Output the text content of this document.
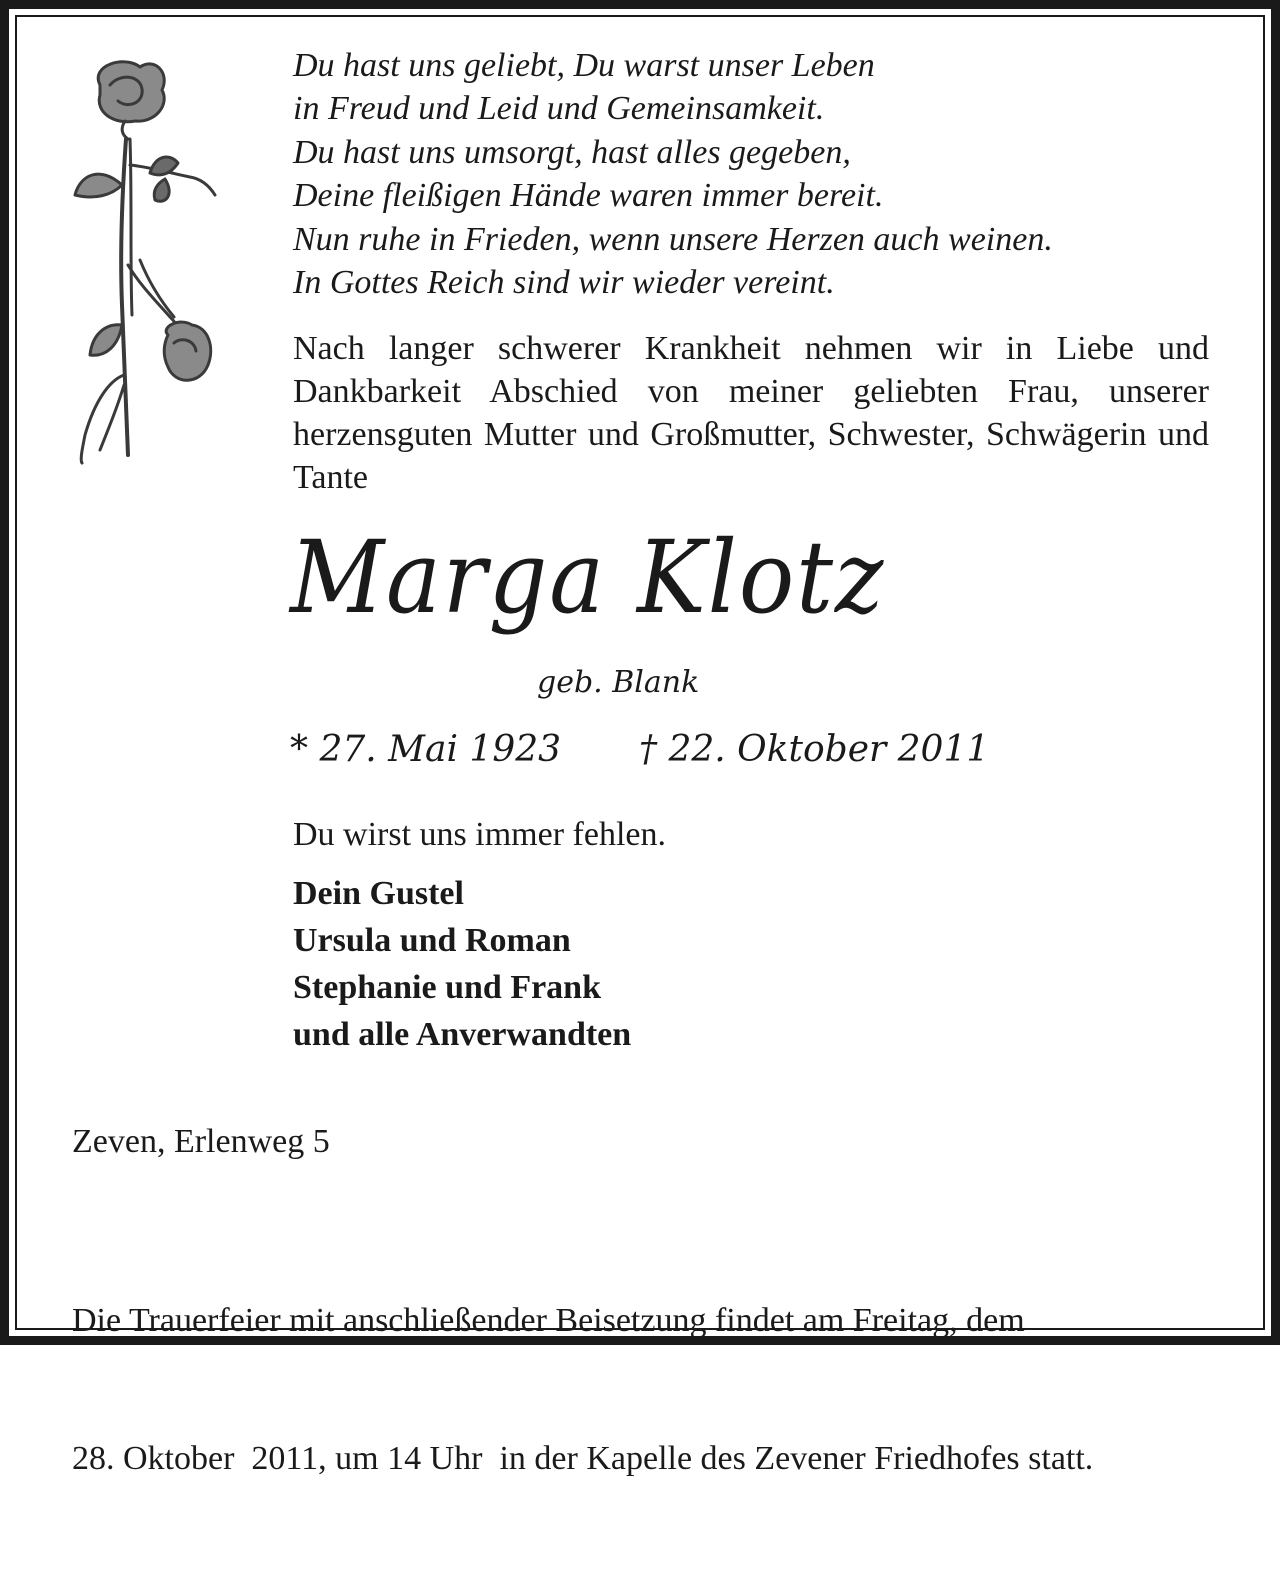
Du hast uns geliebt, Du warst unser Leben
in Freud und Leid und Gemeinsamkeit.
Du hast uns umsorgt, hast alles gegeben,
Deine fleißigen Hände waren immer bereit.
Nun ruhe in Frieden, wenn unsere Herzen auch weinen.
In Gottes Reich sind wir wieder vereint.
Nach langer schwerer Krankheit nehmen wir in Liebe und Dankbarkeit Abschied von meiner geliebten Frau, unserer herzensguten Mutter und Großmutter, Schwester, Schwägerin und Tante
Marga Klotz
geb. Blank
* 27. Mai 1923 † 22. Oktober 2011
Du wirst uns immer fehlen.
Dein Gustel
Ursula und Roman
Stephanie und Frank
und alle Anverwandten
Zeven, Erlenweg 5

Die Trauerfeier mit anschließender Beisetzung findet am Freitag, dem

28. Oktober  2011, um 14 Uhr  in der Kapelle des Zevener Friedhofes statt.
